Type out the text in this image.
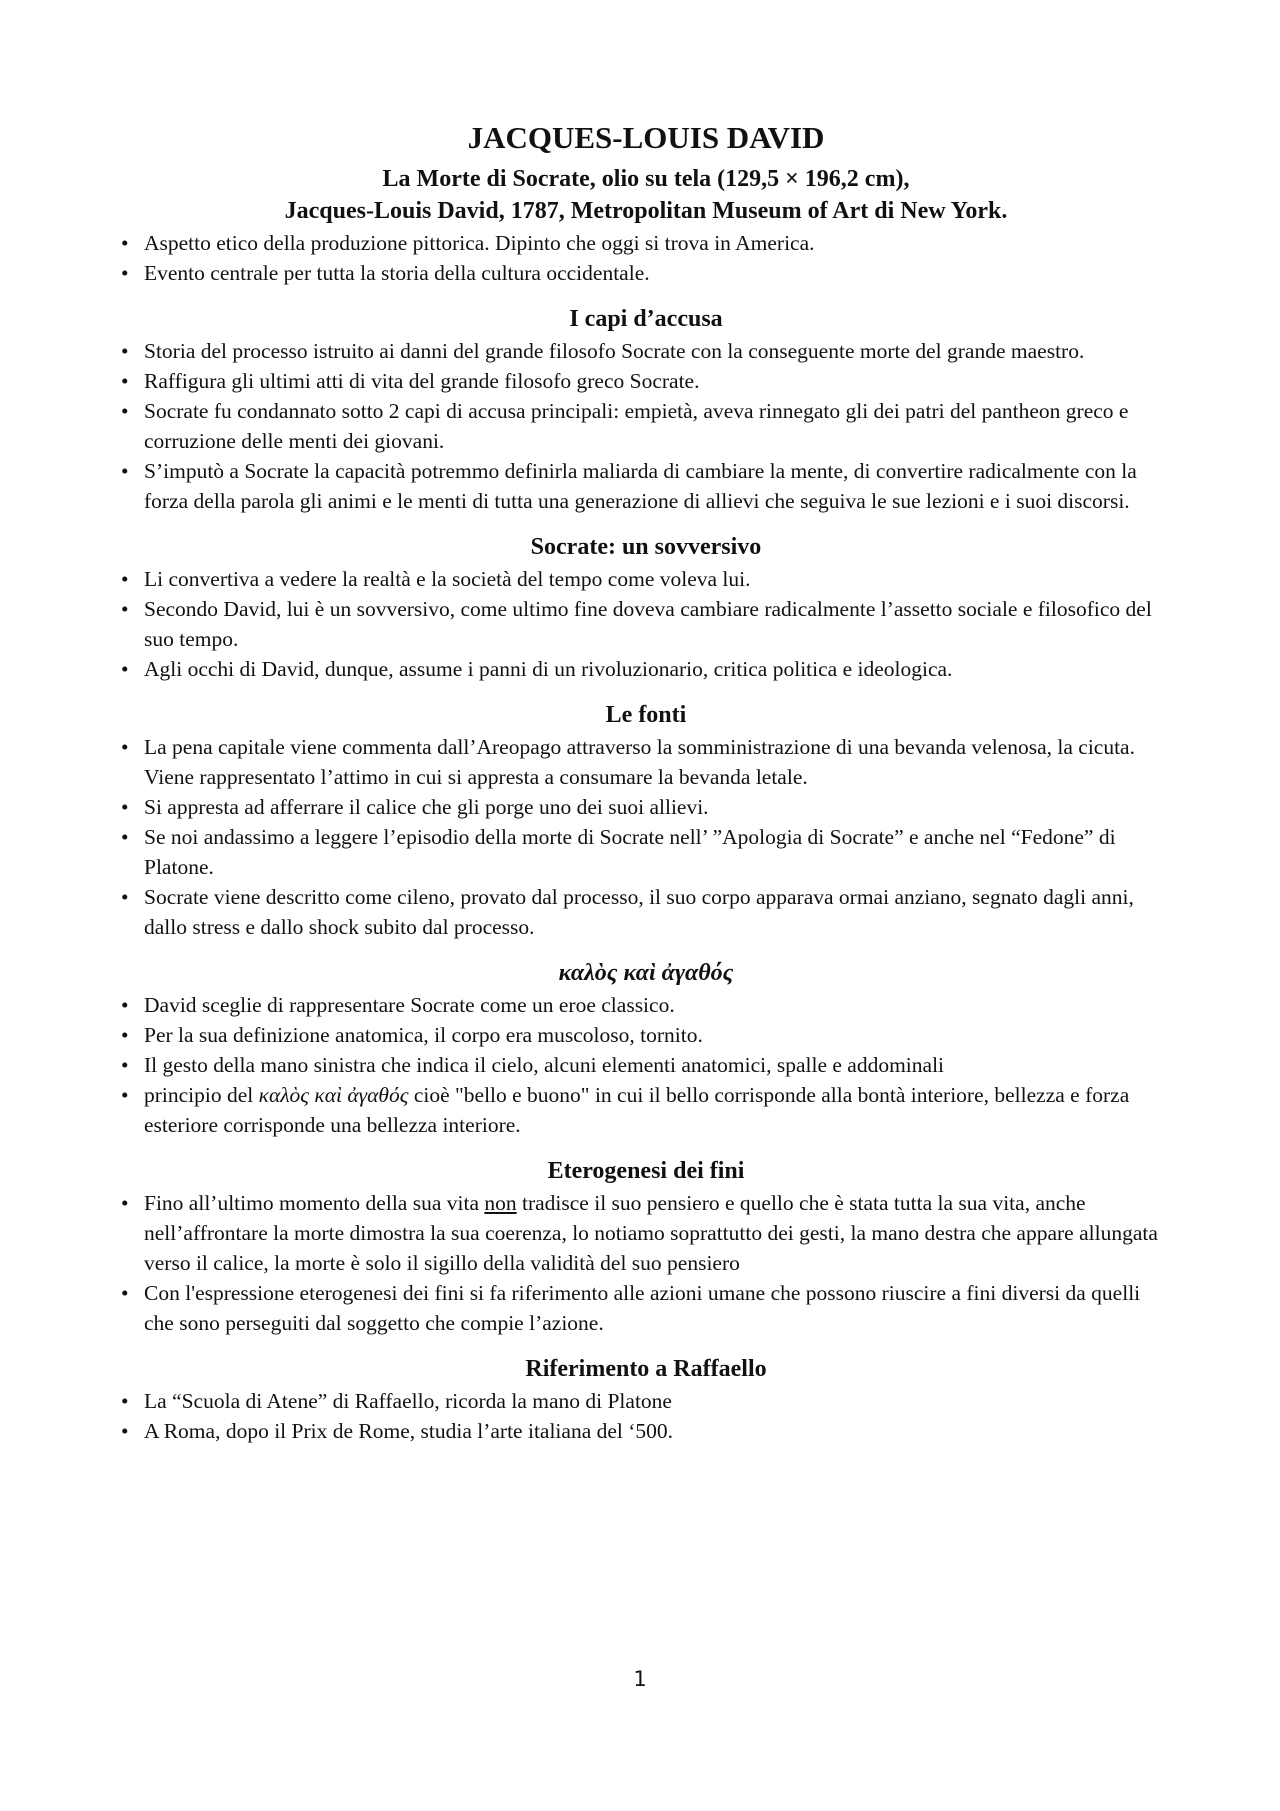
JACQUES-LOUIS DAVID
La Morte di Socrate, olio su tela (129,5 × 196,2 cm),
Jacques-Louis David, 1787, Metropolitan Museum of Art di New York.
• Aspetto etico della produzione pittorica. Dipinto che oggi si trova in America.
• Evento centrale per tutta la storia della cultura occidentale.
I capi d’accusa
• Storia del processo istruito ai danni del grande filosofo Socrate con la conseguente morte del grande maestro.
• Raffigura gli ultimi atti di vita del grande filosofo greco Socrate.
• Socrate fu condannato sotto 2 capi di accusa principali: empietà, aveva rinnegato gli dei patri del pantheon greco e corruzione delle menti dei giovani.
• S’imputò a Socrate la capacità potremmo definirla maliarda di cambiare la mente, di convertire radicalmente con la forza della parola gli animi e le menti di tutta una generazione di allievi che seguiva le sue lezioni e i suoi discorsi.
Socrate: un sovversivo
• Li convertiva a vedere la realtà e la società del tempo come voleva lui.
• Secondo David, lui è un sovversivo, come ultimo fine doveva cambiare radicalmente l’assetto sociale e filosofico del suo tempo.
• Agli occhi di David, dunque, assume i panni di un rivoluzionario, critica politica e ideologica.
Le fonti
• La pena capitale viene commenta dall’Areopago attraverso la somministrazione di una bevanda velenosa, la cicuta. Viene rappresentato l’attimo in cui si appresta a consumare la bevanda letale.
• Si appresta ad afferrare il calice che gli porge uno dei suoi allievi.
• Se noi andassimo a leggere l’episodio della morte di Socrate nell’ ”Apologia di Socrate” e anche nel “Fedone” di Platone.
• Socrate viene descritto come cileno, provato dal processo, il suo corpo apparava ormai anziano, segnato dagli anni, dallo stress e dallo shock subito dal processo.
καλὸς καὶ ἀγαθός
• David sceglie di rappresentare Socrate come un eroe classico.
• Per la sua definizione anatomica, il corpo era muscoloso, tornito.
• Il gesto della mano sinistra che indica il cielo, alcuni elementi anatomici, spalle e addominali
• principio del καλὸς καὶ ἀγαθός cioè "bello e buono" in cui il bello corrisponde alla bontà interiore, bellezza e forza esteriore corrisponde una bellezza interiore.
Eterogenesi dei fini
• Fino all’ultimo momento della sua vita non tradisce il suo pensiero e quello che è stata tutta la sua vita, anche nell’affrontare la morte dimostra la sua coerenza, lo notiamo soprattutto dei gesti, la mano destra che appare allungata verso il calice, la morte è solo il sigillo della validità del suo pensiero
• Con l'espressione eterogenesi dei fini si fa riferimento alle azioni umane che possono riuscire a fini diversi da quelli che sono perseguiti dal soggetto che compie l’azione.
Riferimento a Raffaello
• La “Scuola di Atene” di Raffaello, ricorda la mano di Platone
• A Roma, dopo il Prix de Rome, studia l’arte italiana del ‘500.
1
